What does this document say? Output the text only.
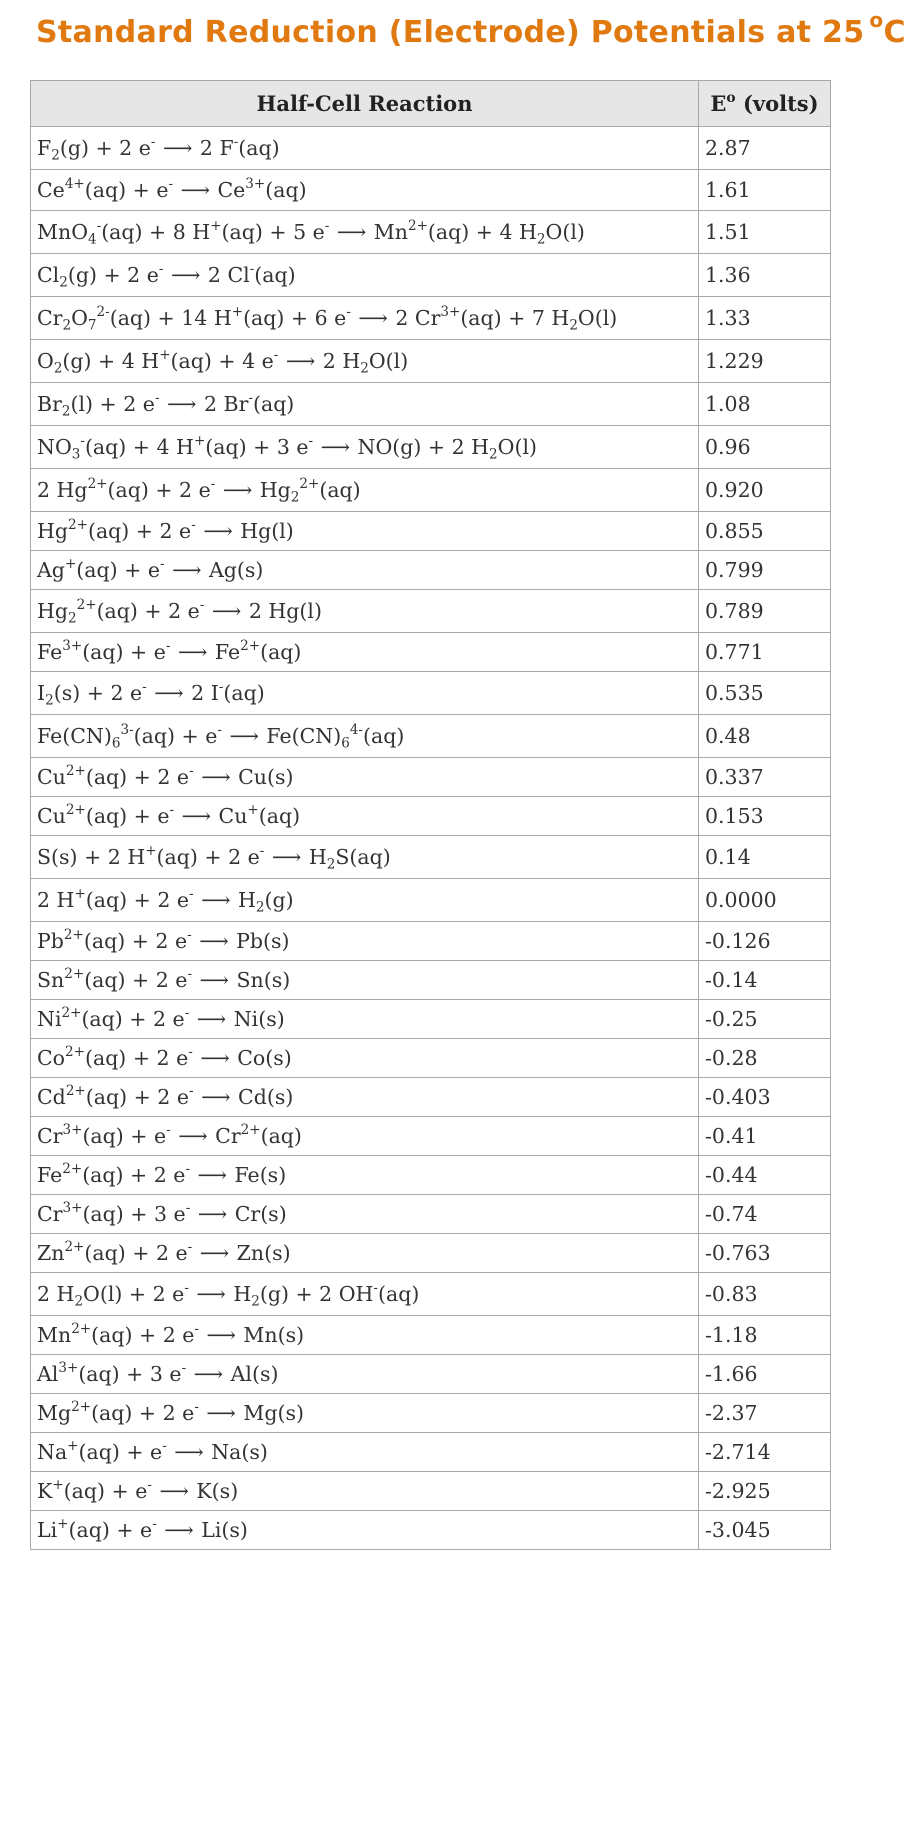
Standard Reduction (Electrode) Potentials at 25 $^o$C
Half-Cell Reaction	$E^o$ (volts)
$F_2(g) + 2$ e- ⟶ 2 F-(aq)	2.87
$Ce^{4+}(aq) + e^-$ ⟶ $Ce^{3+}(aq)$	1.61
MnO$_4$-(aq) + 8 H+(aq) + 5 e- ⟶ $Mn^{2+}(aq) + 4$ $H_2O(l)$	1.51
$Cl_2(g) + 2$ e- ⟶ 2 Cl-(aq)	1.36
$Cr_2O_7^{2-}(aq) + 14$ H+(aq) + 6 e- ⟶ 2 $Cr^{3+}(aq) + 7$ $H_2O(l)$	1.33
$O_2(g) + 4$ H+(aq) + 4 e- ⟶ 2 $H_2O(l)$	1.229
$Br_2(l) + 2$ e- ⟶ 2 Br-(aq)	1.08
$NO_3^-(aq) + 4$ H+(aq) + 3 e- ⟶ NO(g) + 2 $H_2O(l)$	0.96
2 $Hg^{2+}(aq) + 2$ e- ⟶ $Hg_2^{2+}(aq)$	0.920
$Hg^{2+}(aq) + 2$ e- ⟶ Hg(l)	0.855
Ag+(aq) + e- ⟶ Ag(s)	0.799
$Hg_2^{2+}(aq) + 2$ e- ⟶ 2 Hg(l)	0.789
$Fe^{3+}(aq) + e^-$ ⟶ $Fe^{2+}(aq)$	0.771
$I_2(s) + 2$ e- ⟶ 2 I-(aq)	0.535
$Fe(CN)_6^{3-}(aq) + e^-$ ⟶ $Fe(CN)_6^{4-}(aq)$	0.48
$Cu^{2+}(aq) + 2$ e- ⟶ Cu(s)	0.337
$Cu^{2+}(aq) + e^-$ ⟶ Cu+(aq)	0.153
S(s) + 2 H+(aq) + 2 e- ⟶ $H_2S(aq)$	0.14
2 H+(aq) + 2 e- ⟶ $H_2(g)$	0.0000
$Pb^{2+}(aq) + 2$ e- ⟶ Pb(s)	-0.126
$Sn^{2+}(aq) + 2$ e- ⟶ Sn(s)	-0.14
$Ni^{2+}(aq) + 2$ e- ⟶ Ni(s)	-0.25
$Co^{2+}(aq) + 2$ e- ⟶ Co(s)	-0.28
$Cd^{2+}(aq) + 2$ e- ⟶ Cd(s)	-0.403
$Cr^{3+}(aq) + e^-$ ⟶ $Cr^{2+}(aq)$	-0.41
$Fe^{2+}(aq) + 2$ e- ⟶ Fe(s)	-0.44
$Cr^{3+}(aq) + 3$ e- ⟶ Cr(s)	-0.74
$Zn^{2+}(aq) + 2$ e- ⟶ Zn(s)	-0.763
2 $H_2O(l) + 2$ e- ⟶ $H_2(g) + 2$ OH-(aq)	-0.83
$Mn^{2+}(aq) + 2$ e- ⟶ Mn(s)	-1.18
$Al^{3+}(aq) + 3$ e- ⟶ Al(s)	-1.66
$Mg^{2+}(aq) + 2$ e- ⟶ Mg(s)	-2.37
Na+(aq) + e- ⟶ Na(s)	-2.714
K+(aq) + e- ⟶ K(s)	-2.925
Li+(aq) + e- ⟶ Li(s)	-3.045
